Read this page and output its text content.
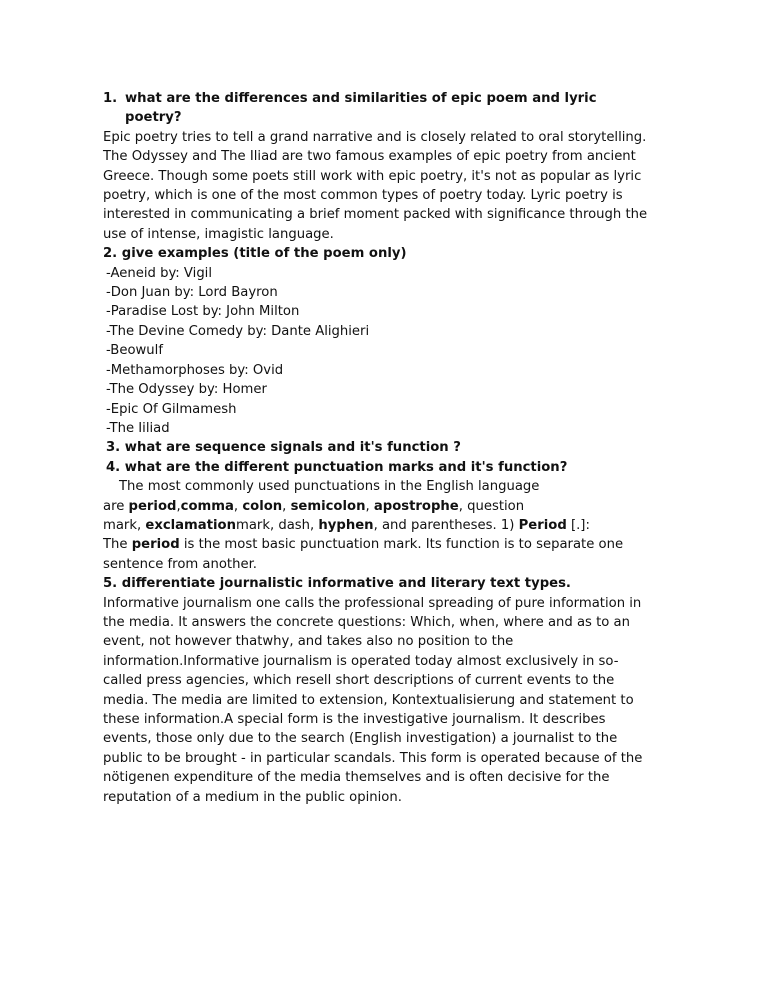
1. what are the differences and similarities of epic poem and lyric
poetry?
Epic poetry tries to tell a grand narrative and is closely related to oral storytelling.
The Odyssey and The Iliad are two famous examples of epic poetry from ancient
Greece. Though some poets still work with epic poetry, it's not as popular as lyric
poetry, which is one of the most common types of poetry today. Lyric poetry is
interested in communicating a brief moment packed with significance through the
use of intense, imagistic language.
2. give examples (title of the poem only)
-Aeneid by: Vigil
-Don Juan by: Lord Bayron
-Paradise Lost by: John Milton
-The Devine Comedy by: Dante Alighieri
-Beowulf
-Methamorphoses by: Ovid
-The Odyssey by: Homer
-Epic Of Gilmamesh
-The Iiliad
3. what are sequence signals and it's function ?
4. what are the different punctuation marks and it's function?
The most commonly used punctuations in the English language
are period,comma, colon, semicolon, apostrophe, question
mark, exclamationmark, dash, hyphen, and parentheses. 1) Period [.]:
The period is the most basic punctuation mark. Its function is to separate one
sentence from another.
5. differentiate journalistic informative and literary text types.
Informative journalism one calls the professional spreading of pure information in
the media. It answers the concrete questions: Which, when, where and as to an
event, not however thatwhy, and takes also no position to the
information.Informative journalism is operated today almost exclusively in so-
called press agencies, which resell short descriptions of current events to the
media. The media are limited to extension, Kontextualisierung and statement to
these information.A special form is the investigative journalism. It describes
events, those only due to the search (English investigation) a journalist to the
public to be brought - in particular scandals. This form is operated because of the
nötigenen expenditure of the media themselves and is often decisive for the
reputation of a medium in the public opinion.
